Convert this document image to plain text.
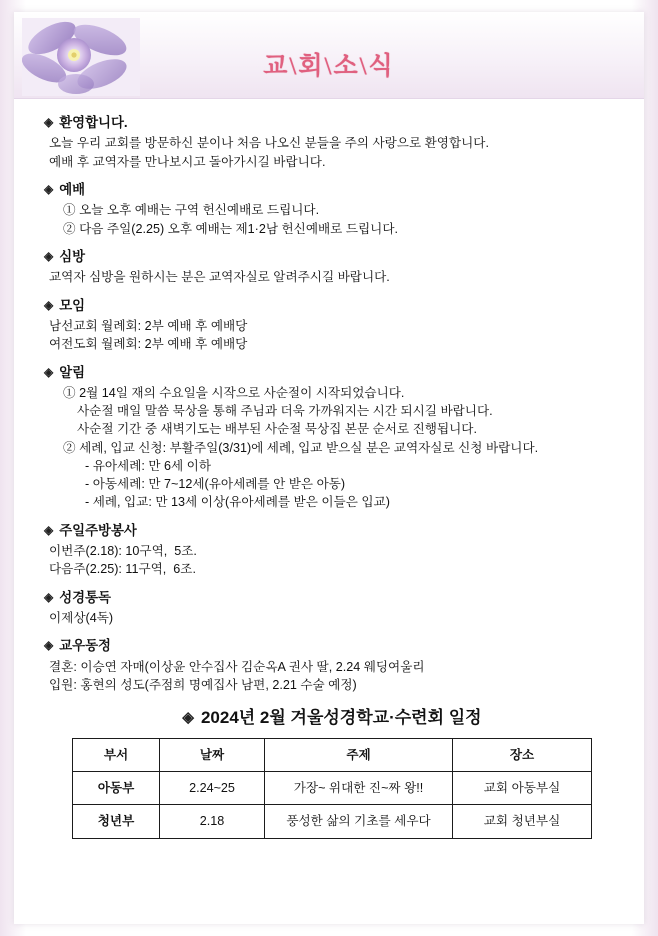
교\회\소\식
◈ 환영합니다.
오늘 우리 교회를 방문하신 분이나 처음 나오신 분들을 주의 사랑으로 환영합니다.
예배 후 교역자를 만나보시고 돌아가시길 바랍니다.
◈ 예배
① 오늘 오후 예배는 구역 헌신예배로 드립니다.
② 다음 주일(2.25) 오후 예배는 제1·2남 헌신예배로 드립니다.
◈ 심방
교역자 심방을 원하시는 분은 교역자실로 알려주시길 바랍니다.
◈ 모임
남선교회 월례회: 2부 예배 후 예배당
여전도회 월례회: 2부 예배 후 예배당
◈ 알림
① 2월 14일 재의 수요일을 시작으로 사순절이 시작되었습니다.
사순절 매일 말씀 묵상을 통해 주님과 더욱 가까워지는 시간 되시길 바랍니다.
사순절 기간 중 새벽기도는 배부된 사순절 묵상집 본문 순서로 진행됩니다.
② 세례, 입교 신청: 부활주일(3/31)에 세례, 입교 받으실 분은 교역자실로 신청 바랍니다.
- 유아세례: 만 6세 이하
- 아동세례: 만 7~12세(유아세례를 안 받은 아동)
- 세례, 입교: 만 13세 이상(유아세례를 받은 이들은 입교)
◈ 주일주방봉사
이번주(2.18): 10구역,  5조.
다음주(2.25): 11구역,  6조.
◈ 성경통독
이제상(4독)
◈ 교우동정
결혼: 이승연 자매(이상윤 안수집사 김순옥A 권사 딸, 2.24 웨딩여울리
입원: 홍현의 성도(주점희 명예집사 남편, 2.21 수술 예정)
◈ 2024년 2월 겨울성경학교·수련회 일정
부서	날짜	주제	장소
아동부	2.24~25	가장~ 위대한 진~짜 왕!!	교회 아동부실
청년부	2.18	풍성한 삶의 기초를 세우다	교회 청년부실
